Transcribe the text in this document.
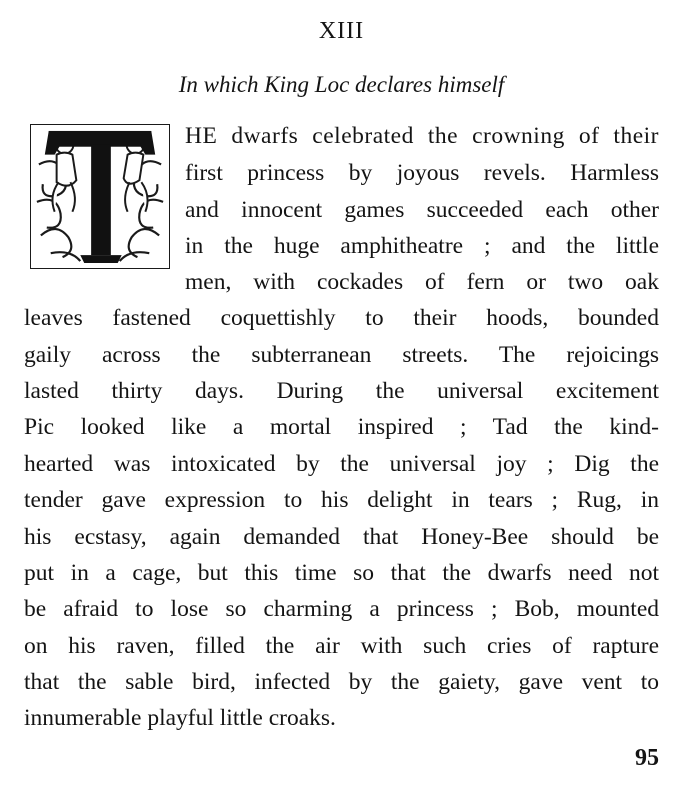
XIII
In which King Loc declares himself
HE dwarfs celebrated the crowning of their
first princess by joyous revels. Harmless
and innocent games succeeded each other
in the huge amphitheatre ; and the little
men, with cockades of fern or two oak
leaves fastened coquettishly to their hoods, bounded
gaily across the subterranean streets. The rejoicings
lasted thirty days. During the universal excitement
Pic looked like a mortal inspired ; Tad the kind-
hearted was intoxicated by the universal joy ; Dig the
tender gave expression to his delight in tears ; Rug, in
his ecstasy, again demanded that Honey-Bee should be
put in a cage, but this time so that the dwarfs need not
be afraid to lose so charming a princess ; Bob, mounted
on his raven, filled the air with such cries of rapture
that the sable bird, infected by the gaiety, gave vent to
innumerable playful little croaks.
95
